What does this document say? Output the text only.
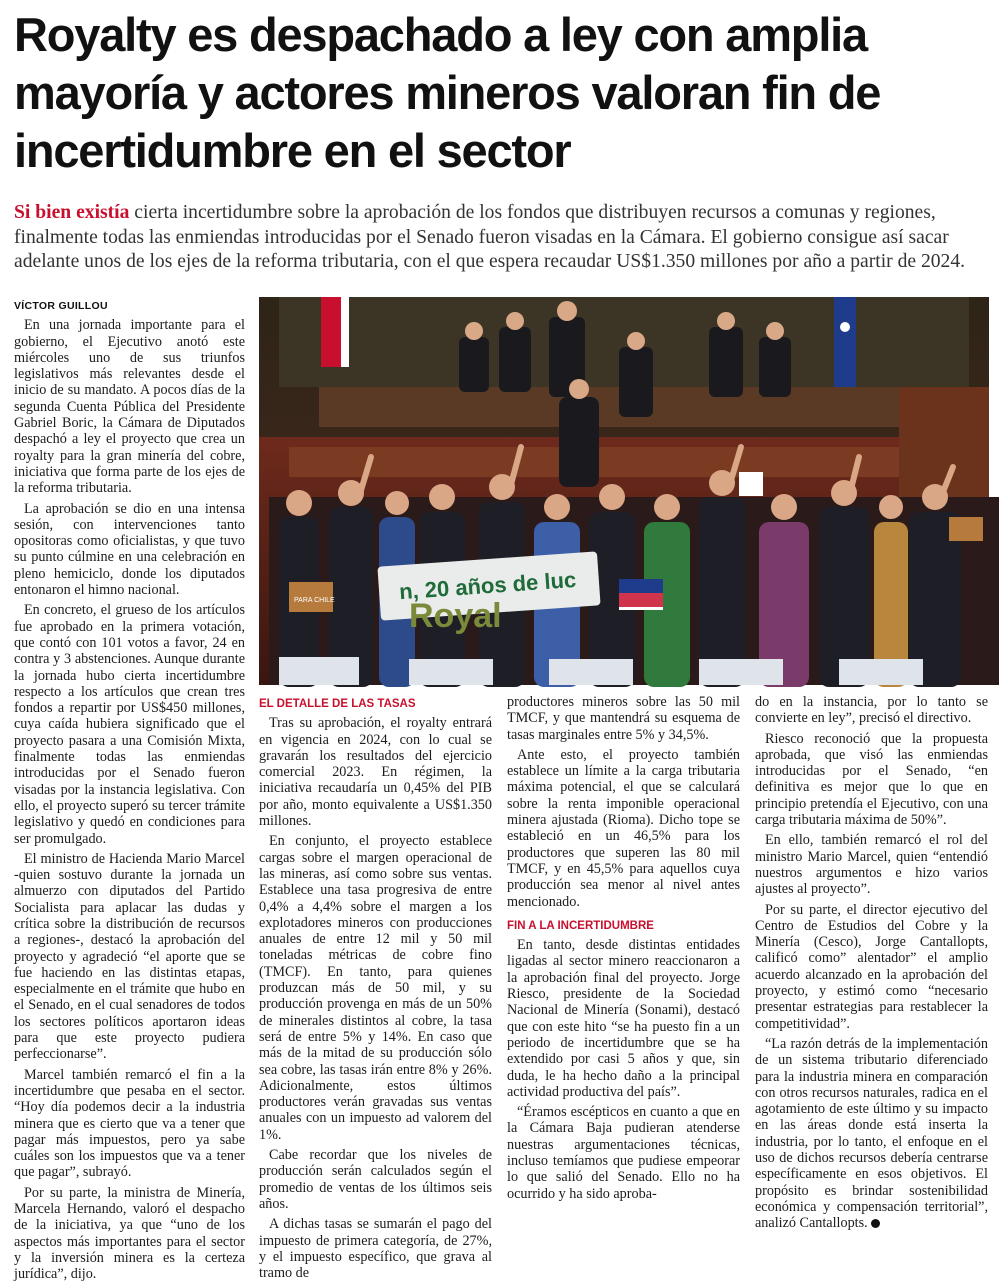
Royalty es despachado a ley con amplia mayoría y actores mineros valoran fin de incertidumbre en el sector
Si bien existía cierta incertidumbre sobre la aprobación de los fondos que distribuyen recursos a comunas y regiones, finalmente todas las enmiendas introducidas por el Senado fueron visadas en la Cámara. El gobierno consigue así sacar adelante unos de los ejes de la reforma tributaria, con el que espera recaudar US$1.350 millones por año a partir de 2024.
VÍCTOR GUILLOU

En una jornada importante para el gobierno, el Ejecutivo anotó este miércoles uno de sus triunfos legislativos más relevantes desde el inicio de su mandato. A pocos días de la segunda Cuenta Pública del Presidente Gabriel Boric, la Cámara de Diputados despachó a ley el proyecto que crea un royalty para la gran minería del cobre, iniciativa que forma parte de los ejes de la reforma tributaria.

La aprobación se dio en una intensa sesión, con intervenciones tanto opositoras como oficialistas, y que tuvo su punto cúlmine en una celebración en pleno hemiciclo, donde los diputados entonaron el himno nacional.

En concreto, el grueso de los artículos fue aprobado en la primera votación, que contó con 101 votos a favor, 24 en contra y 3 abstenciones. Aunque durante la jornada hubo cierta incertidumbre respecto a los artículos que crean tres fondos a repartir por US$450 millones, cuya caída hubiera significado que el proyecto pasara a una Comisión Mixta, finalmente todas las enmiendas introducidas por el Senado fueron visadas por la instancia legislativa. Con ello, el proyecto superó su tercer trámite legislativo y quedó en condiciones para ser promulgado.

El ministro de Hacienda Mario Marcel -quien sostuvo durante la jornada un almuerzo con diputados del Partido Socialista para aplacar las dudas y crítica sobre la distribución de recursos a regiones-, destacó la aprobación del proyecto y agradeció “el aporte que se fue haciendo en las distintas etapas, especialmente en el trámite que hubo en el Senado, en el cual senadores de todos los sectores políticos aportaron ideas para que este proyecto pudiera perfeccionarse”.

Marcel también remarcó el fin a la incertidumbre que pesaba en el sector. “Hoy día podemos decir a la industria minera que es cierto que va a tener que pagar más impuestos, pero ya sabe cuáles son los impuestos que va a tener que pagar”, subrayó.

Por su parte, la ministra de Minería, Marcela Hernando, valoró el despacho de la iniciativa, ya que “uno de los aspectos más importantes para el sector y la inversión minera es la certeza jurídica”, dijo.

n, 20 años de luc
Royal
PARA CHILE
EL DETALLE DE LAS TASAS

Tras su aprobación, el royalty entrará en vigencia en 2024, con lo cual se gravarán los resultados del ejercicio comercial 2023. En régimen, la iniciativa recaudaría un 0,45% del PIB por año, monto equivalente a US$1.350 millones.

En conjunto, el proyecto establece cargas sobre el margen operacional de las mineras, así como sobre sus ventas. Establece una tasa progresiva de entre 0,4% a 4,4% sobre el margen a los explotadores mineros con producciones anuales de entre 12 mil y 50 mil toneladas métricas de cobre fino (TMCF). En tanto, para quienes produzcan más de 50 mil, y su producción provenga en más de un 50% de minerales distintos al cobre, la tasa será de entre 5% y 14%. En caso que más de la mitad de su producción sólo sea cobre, las tasas irán entre 8% y 26%. Adicionalmente, estos últimos productores verán gravadas sus ventas anuales con un impuesto ad valorem del 1%.

Cabe recordar que los niveles de producción serán calculados según el promedio de ventas de los últimos seis años.

A dichas tasas se sumarán el pago del impuesto de primera categoría, de 27%, y el impuesto específico, que grava al tramo de

productores mineros sobre las 50 mil TMCF, y que mantendrá su esquema de tasas marginales entre 5% y 34,5%.

Ante esto, el proyecto también establece un límite a la carga tributaria máxima potencial, el que se calculará sobre la renta imponible operacional minera ajustada (Rioma). Dicho tope se estableció en un 46,5% para los productores que superen las 80 mil TMCF, y en 45,5% para aquellos cuya producción sea menor al nivel antes mencionado.

FIN A LA INCERTIDUMBRE

En tanto, desde distintas entidades ligadas al sector minero reaccionaron a la aprobación final del proyecto. Jorge Riesco, presidente de la Sociedad Nacional de Minería (Sonami), destacó que con este hito “se ha puesto fin a un periodo de incertidumbre que se ha extendido por casi 5 años y que, sin duda, le ha hecho daño a la principal actividad productiva del país”.

“Éramos escépticos en cuanto a que en la Cámara Baja pudieran atenderse nuestras argumentaciones técnicas, incluso temíamos que pudiese empeorar lo que salió del Senado. Ello no ha ocurrido y ha sido aproba-

do en la instancia, por lo tanto se convierte en ley”, precisó el directivo.

Riesco reconoció que la propuesta aprobada, que visó las enmiendas introducidas por el Senado, “en definitiva es mejor que lo que en principio pretendía el Ejecutivo, con una carga tributaria máxima de 50%”.

En ello, también remarcó el rol del ministro Mario Marcel, quien “entendió nuestros argumentos e hizo varios ajustes al proyecto”.

Por su parte, el director ejecutivo del Centro de Estudios del Cobre y la Minería (Cesco), Jorge Cantallopts, calificó como” alentador” el amplio acuerdo alcanzado en la aprobación del proyecto, y estimó como “necesario presentar estrategias para restablecer la competitividad”.

“La razón detrás de la implementación de un sistema tributario diferenciado para la industria minera en comparación con otros recursos naturales, radica en el agotamiento de este último y su impacto en las áreas donde está inserta la industria, por lo tanto, el enfoque en el uso de dichos recursos debería centrarse específicamente en esos objetivos. El propósito es brindar sostenibilidad económica y compensación territorial”, analizó Cantallopts.
